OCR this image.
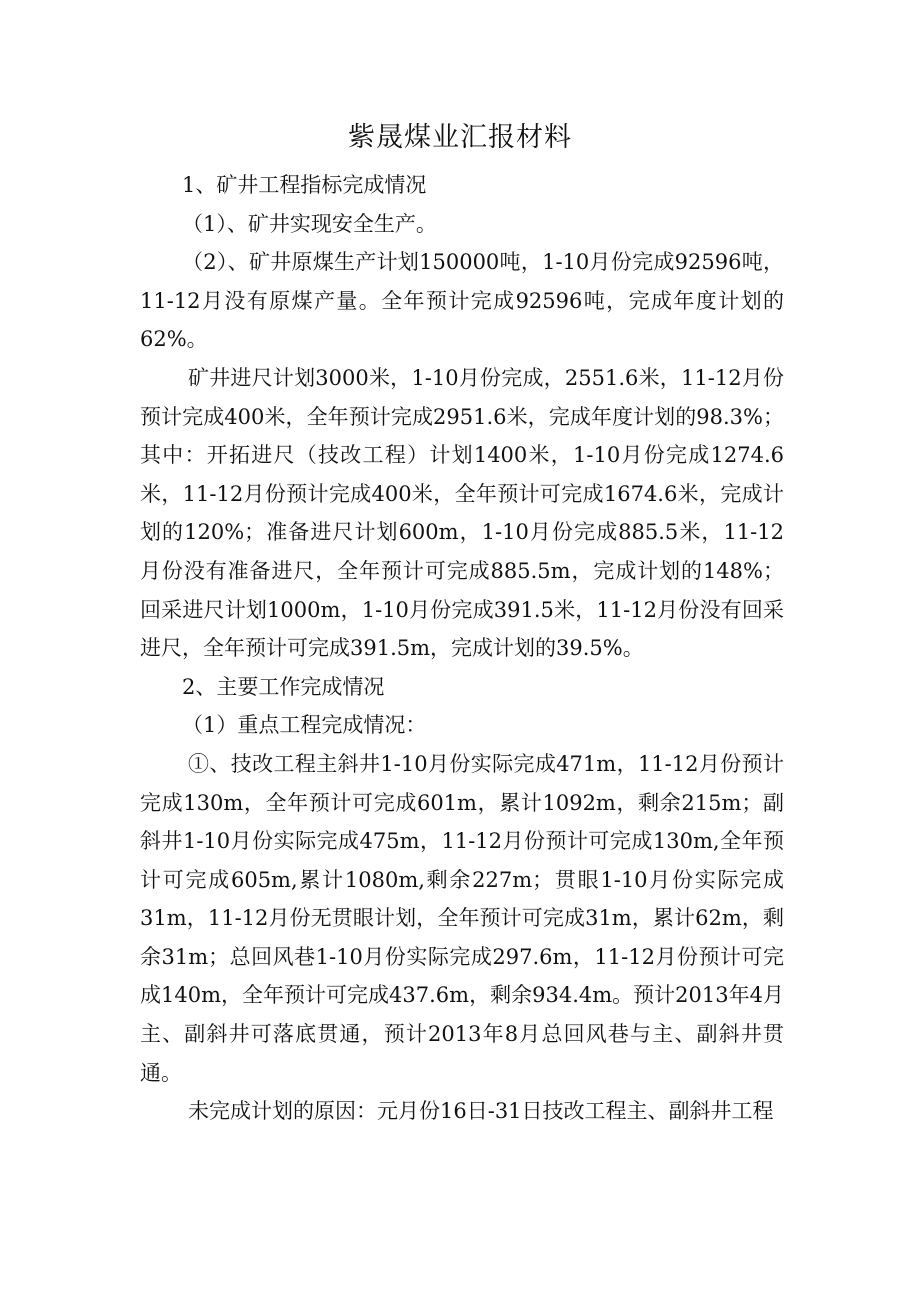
紫晟煤业汇报材料

1、矿井工程指标完成情况

（1）、矿井实现安全生产。

（2）、矿井原煤生产计划150000吨，1-10月份完成92596吨，11-12月没有原煤产量。全年预计完成92596吨，完成年度计划的62%。

矿井进尺计划3000米，1-10月份完成，2551.6米，11-12月份预计完成400米，全年预计完成2951.6米，完成年度计划的98.3%；其中：开拓进尺（技改工程）计划1400米，1-10月份完成1274.6米，11-12月份预计完成400米，全年预计可完成1674.6米，完成计划的120%；准备进尺计划600m，1-10月份完成885.5米，11-12月份没有准备进尺，全年预计可完成885.5m，完成计划的148%；回采进尺计划1000m，1-10月份完成391.5米，11-12月份没有回采进尺，全年预计可完成391.5m，完成计划的39.5%。

2、主要工作完成情况

（1）重点工程完成情况：

①、技改工程主斜井1-10月份实际完成471m，11-12月份预计完成130m，全年预计可完成601m，累计1092m，剩余215m；副斜井1-10月份实际完成475m，11-12月份预计可完成130m,全年预计可完成605m,累计1080m,剩余227m；贯眼1-10月份实际完成31m，11-12月份无贯眼计划，全年预计可完成31m，累计62m，剩余31m；总回风巷1-10月份实际完成297.6m，11-12月份预计可完成140m，全年预计可完成437.6m，剩余934.4m。预计2013年4月主、副斜井可落底贯通，预计2013年8月总回风巷与主、副斜井贯通。

未完成计划的原因：元月份16日-31日技改工程主、副斜井工程
